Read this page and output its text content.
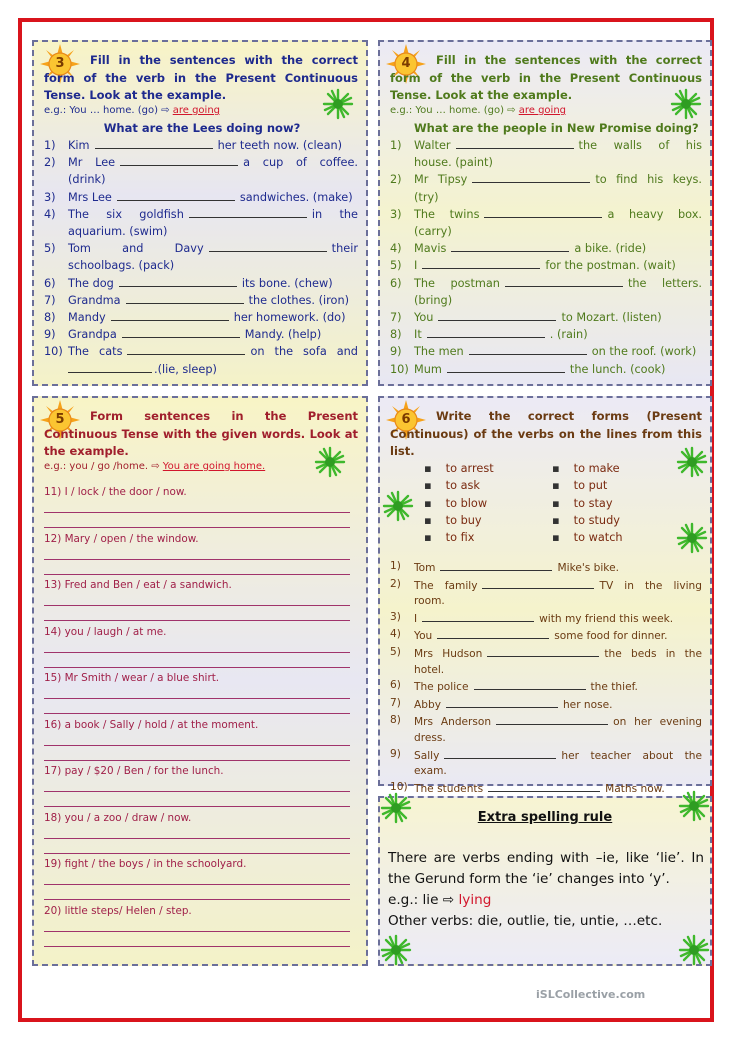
3	Fill in the sentences with the correct form of the verb in the Present Continuous Tense. Look at the example.
e.g.: You … home. (go) ⇨ are going
What are the Lees doing now?
1)	Kim	her teeth now. (clean)
2)	Mr Lee	a cup of coffee. (drink)
3)	Mrs Lee	sandwiches. (make)
4)	The six goldfish	in the aquarium. (swim)
5)	Tom and Davy	their schoolbags. (pack)
6)	The dog	its bone. (chew)
7)	Grandma	the clothes. (iron)
8)	Mandy	her homework. (do)
9)	Grandpa	Mandy. (help)
10) The cats	on the sofa and .(lie, sleep)
4	Fill in the sentences with the correct form of the verb in the Present Continuous Tense. Look at the example.
e.g.: You … home. (go) ⇨ are going
What are the people in New Promise doing?
1)	Walter	the walls of his house. (paint)
2)	Mr Tipsy	to find his keys. (try)
3)	The twins	a heavy box. (carry)
4)	Mavis	a bike. (ride)
5)	I	for the postman. (wait)
6)	The postman	the letters. (bring)
7)	You	to Mozart. (listen)
8)	It	. (rain)
9)	The men	on the roof. (work)
10) Mum	the lunch. (cook)
5	Form sentences in the Present Continuous Tense with the given words. Look at the example.
e.g.: you / go /home. ⇨ You are going home.
11) I / lock / the door / now.
12) Mary / open / the window.
13) Fred and Ben / eat / a sandwich.
14) you / laugh / at me.
15) Mr Smith / wear / a blue shirt.
16) a book / Sally / hold / at the moment.
17) pay / $20 / Ben / for the lunch.
18) you / a zoo / draw / now.
19) fight / the boys / in the schoolyard.
20) little steps/ Helen / step.
6	Write the correct forms (Present Continuous) of the verbs on the lines from this list.
▪ to arrest
▪ to ask
▪ to blow
▪ to buy
▪ to fix
▪ to make
▪ to put
▪ to stay
▪ to study
▪ to watch
1)	Tom	Mike's bike.
2)	The family	TV in the living room.
3)	I	with my friend this week.
4)	You	some food for dinner.
5)	Mrs Hudson	the beds in the hotel.
6)	The police	the thief.
7)	Abby	her nose.
8)	Mrs Anderson	on her evening dress.
9)	Sally	her teacher about the exam.
10) The students	Maths now.
Extra spelling rule
There are verbs ending with –ie, like ‘lie’. In the Gerund form the ‘ie’ changes into ‘y’.
e.g.: lie ⇨ lying
Other verbs: die, outlie, tie, untie, …etc.
iSLCollective.com
